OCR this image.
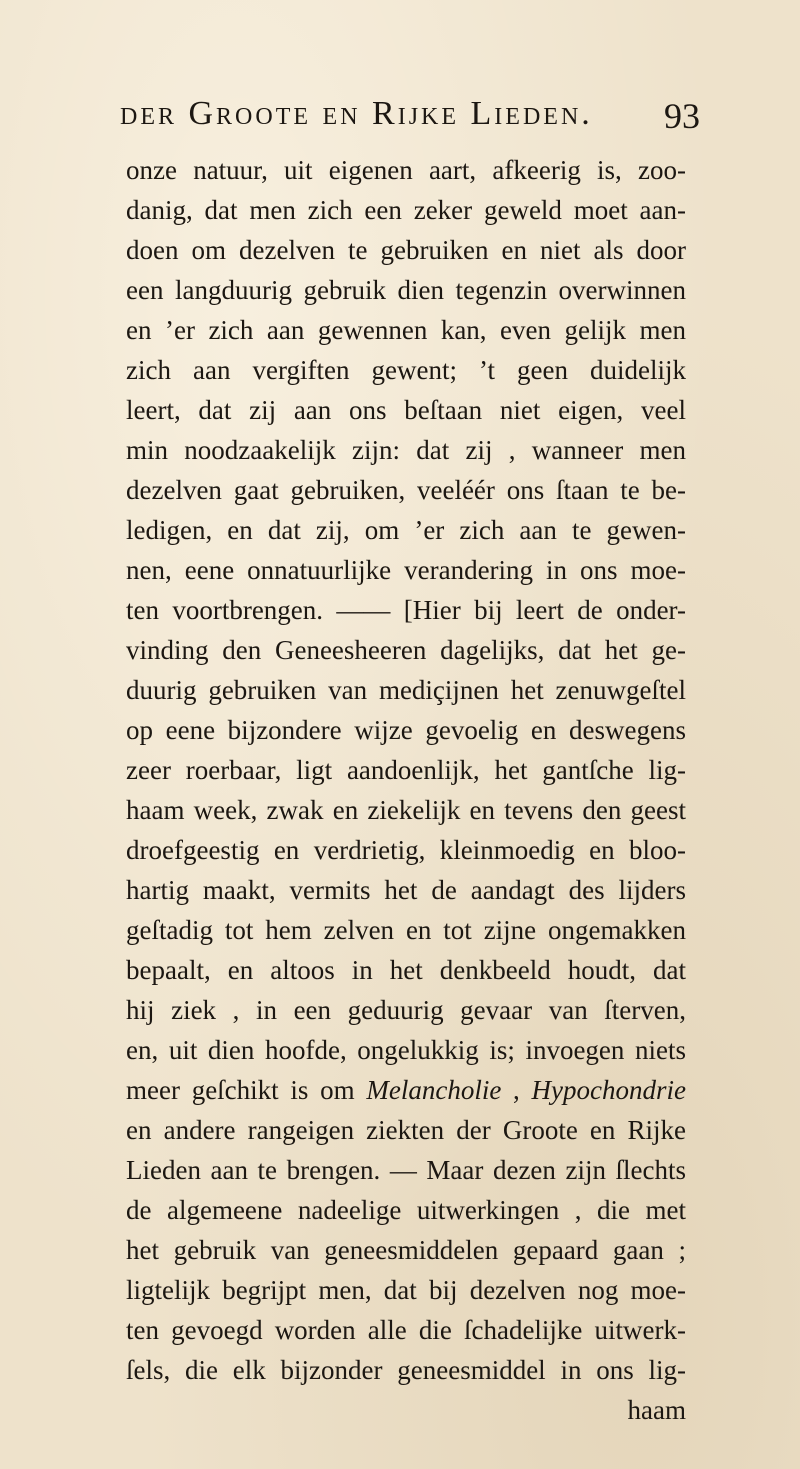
der Groote en Rijke Lieden. 93
onze natuur, uit eigenen aart, afkeerig is, zoo-
danig, dat men zich een zeker geweld moet aan-
doen om dezelven te gebruiken en niet als door
een langduurig gebruik dien tegenzin overwinnen
en ’er zich aan gewennen kan, even gelijk men
zich aan vergiften gewent; ’t geen duidelijk
leert, dat zij aan ons beſtaan niet eigen, veel
min noodzaakelijk zijn: dat zij , wanneer men
dezelven gaat gebruiken, veeléér ons ſtaan te be-
ledigen, en dat zij, om ’er zich aan te gewen-
nen, eene onnatuurlijke verandering in ons moe-
ten voortbrengen. —— [Hier bij leert de onder-
vinding den Geneesheeren dagelijks, dat het ge-
duurig gebruiken van mediçijnen het zenuwgeſtel
op eene bijzondere wijze gevoelig en deswegens
zeer roerbaar, ligt aandoenlijk, het gantſche lig-
haam week, zwak en ziekelijk en tevens den geest
droefgeestig en verdrietig, kleinmoedig en bloo-
hartig maakt, vermits het de aandagt des lijders
geſtadig tot hem zelven en tot zijne ongemakken
bepaalt, en altoos in het denkbeeld houdt, dat
hij ziek , in een geduurig gevaar van ſterven,
en, uit dien hoofde, ongelukkig is; invoegen niets
meer geſchikt is om Melancholie , Hypochondrie
en andere rangeigen ziekten der Groote en Rijke
Lieden aan te brengen. — Maar dezen zijn ſlechts
de algemeene nadeelige uitwerkingen , die met
het gebruik van geneesmiddelen gepaard gaan ;
ligtelijk begrijpt men, dat bij dezelven nog moe-
ten gevoegd worden alle die ſchadelijke uitwerk-
ſels, die elk bijzonder geneesmiddel in ons lig-
haam
